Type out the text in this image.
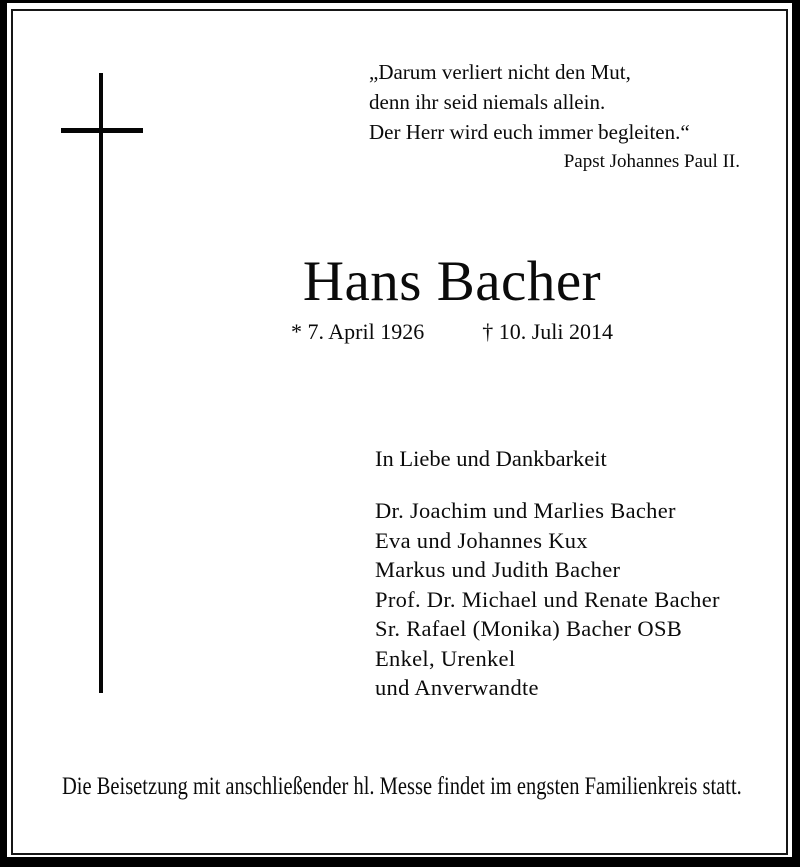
„Darum verliert nicht den Mut,
denn ihr seid niemals allein.
Der Herr wird euch immer begleiten.“
Papst Johannes Paul II.
Hans Bacher
* 7. April 1926	† 10. Juli 2014
In Liebe und Dankbarkeit
Dr. Joachim und Marlies Bacher
Eva und Johannes Kux
Markus und Judith Bacher
Prof. Dr. Michael und Renate Bacher
Sr. Rafael (Monika) Bacher OSB
Enkel, Urenkel
und Anverwandte
Die Beisetzung mit anschließender hl. Messe findet im engsten Familienkreis statt.
